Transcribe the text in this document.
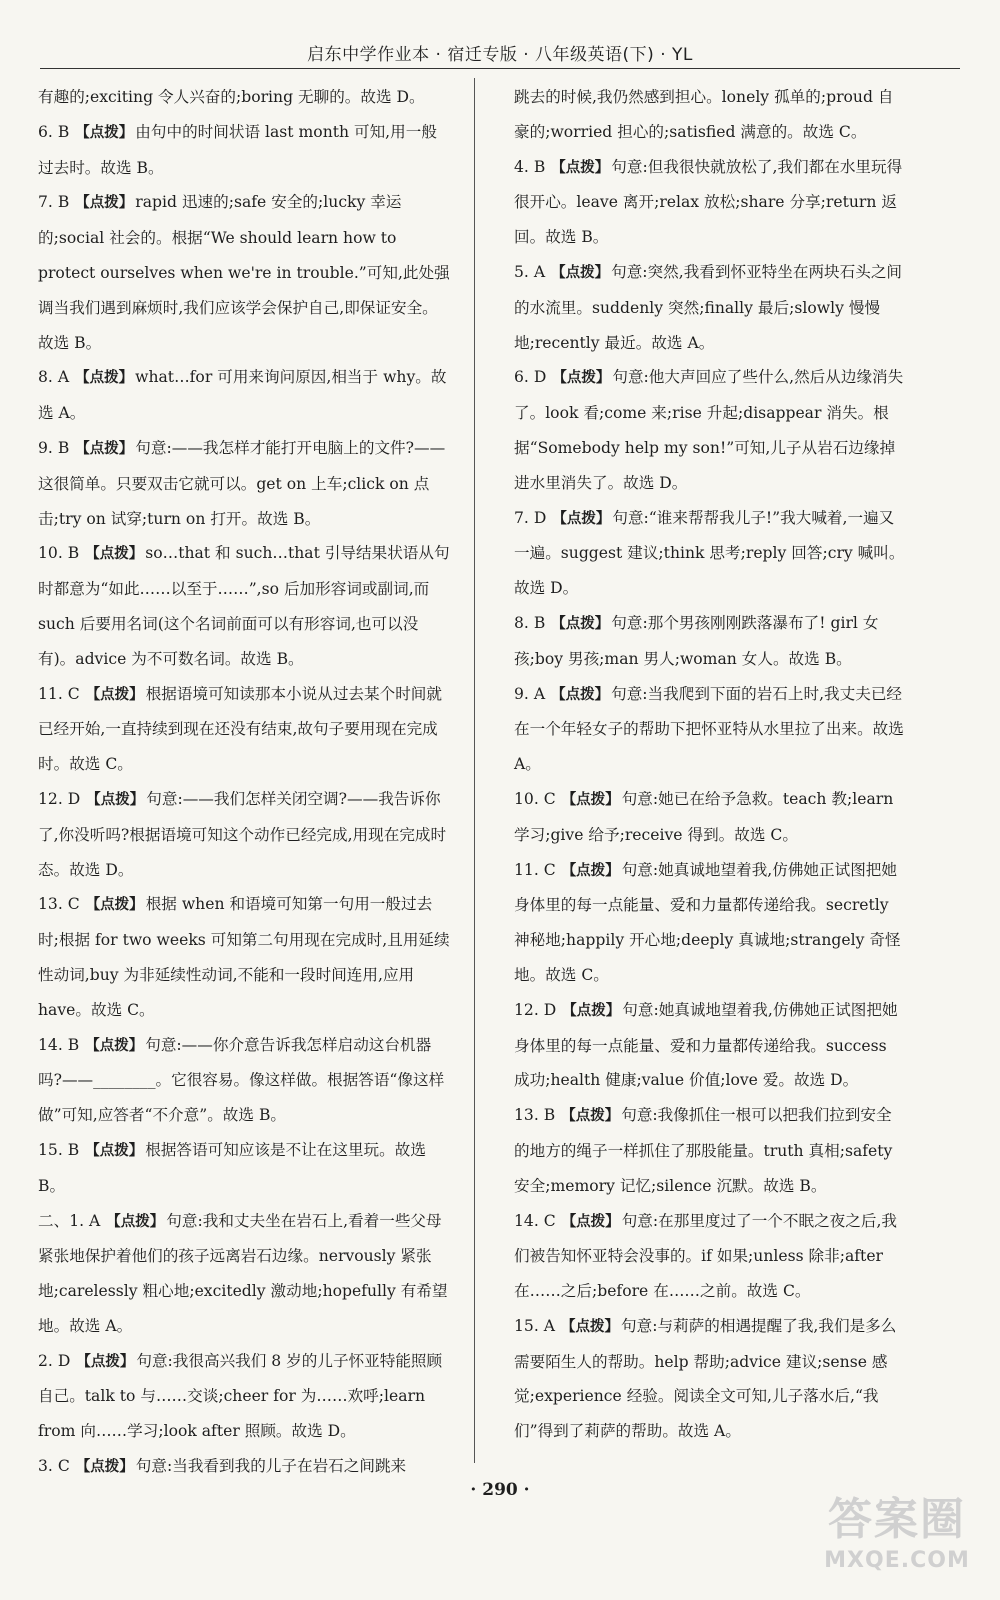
启东中学作业本 · 宿迁专版 · 八年级英语(下) · YL
有趣的;exciting 令人兴奋的;boring 无聊的。故选 D。
6. B 【点拨】 由句中的时间状语 last month 可知,用一般过去时。故选 B。
7. B 【点拨】 rapid 迅速的;safe 安全的;lucky 幸运的;social 社会的。根据“We should learn how to protect ourselves when we're in trouble.”可知,此处强调当我们遇到麻烦时,我们应该学会保护自己,即保证安全。故选 B。
8. A 【点拨】 what…for 可用来询问原因,相当于 why。故选 A。
9. B 【点拨】 句意:——我怎样才能打开电脑上的文件?——这很简单。只要双击它就可以。get on 上车;click on 点击;try on 试穿;turn on 打开。故选 B。
10. B 【点拨】 so…that 和 such…that 引导结果状语从句时都意为“如此……以至于……”,so 后加形容词或副词,而 such 后要用名词(这个名词前面可以有形容词,也可以没有)。advice 为不可数名词。故选 B。
11. C 【点拨】 根据语境可知读那本小说从过去某个时间就已经开始,一直持续到现在还没有结束,故句子要用现在完成时。故选 C。
12. D 【点拨】 句意:——我们怎样关闭空调?——我告诉你了,你没听吗?根据语境可知这个动作已经完成,用现在完成时态。故选 D。
13. C 【点拨】 根据 when 和语境可知第一句用一般过去时;根据 for two weeks 可知第二句用现在完成时,且用延续性动词,buy 为非延续性动词,不能和一段时间连用,应用 have。故选 C。
14. B 【点拨】 句意:——你介意告诉我怎样启动这台机器吗?——________。它很容易。像这样做。根据答语“像这样做”可知,应答者“不介意”。故选 B。
15. B 【点拨】 根据答语可知应该是不让在这里玩。故选 B。
二、1. A 【点拨】 句意:我和丈夫坐在岩石上,看着一些父母紧张地保护着他们的孩子远离岩石边缘。nervously 紧张地;carelessly 粗心地;excitedly 激动地;hopefully 有希望地。故选 A。
2. D 【点拨】 句意:我很高兴我们 8 岁的儿子怀亚特能照顾自己。talk to 与……交谈;cheer for 为……欢呼;learn from 向……学习;look after 照顾。故选 D。
3. C 【点拨】 句意:当我看到我的儿子在岩石之间跳来
跳去的时候,我仍然感到担心。lonely 孤单的;proud 自豪的;worried 担心的;satisfied 满意的。故选 C。
4. B 【点拨】 句意:但我很快就放松了,我们都在水里玩得很开心。leave 离开;relax 放松;share 分享;return 返回。故选 B。
5. A 【点拨】 句意:突然,我看到怀亚特坐在两块石头之间的水流里。suddenly 突然;finally 最后;slowly 慢慢地;recently 最近。故选 A。
6. D 【点拨】 句意:他大声回应了些什么,然后从边缘消失了。look 看;come 来;rise 升起;disappear 消失。根据“Somebody help my son!”可知,儿子从岩石边缘掉进水里消失了。故选 D。
7. D 【点拨】 句意:“谁来帮帮我儿子!”我大喊着,一遍又一遍。suggest 建议;think 思考;reply 回答;cry 喊叫。故选 D。
8. B 【点拨】 句意:那个男孩刚刚跌落瀑布了! girl 女孩;boy 男孩;man 男人;woman 女人。故选 B。
9. A 【点拨】 句意:当我爬到下面的岩石上时,我丈夫已经在一个年轻女子的帮助下把怀亚特从水里拉了出来。故选 A。
10. C 【点拨】 句意:她已在给予急救。teach 教;learn 学习;give 给予;receive 得到。故选 C。
11. C 【点拨】 句意:她真诚地望着我,仿佛她正试图把她身体里的每一点能量、爱和力量都传递给我。secretly 神秘地;happily 开心地;deeply 真诚地;strangely 奇怪地。故选 C。
12. D 【点拨】 句意:她真诚地望着我,仿佛她正试图把她身体里的每一点能量、爱和力量都传递给我。success 成功;health 健康;value 价值;love 爱。故选 D。
13. B 【点拨】 句意:我像抓住一根可以把我们拉到安全的地方的绳子一样抓住了那股能量。truth 真相;safety 安全;memory 记忆;silence 沉默。故选 B。
14. C 【点拨】 句意:在那里度过了一个不眠之夜之后,我们被告知怀亚特会没事的。if 如果;unless 除非;after 在……之后;before 在……之前。故选 C。
15. A 【点拨】 句意:与莉萨的相遇提醒了我,我们是多么需要陌生人的帮助。help 帮助;advice 建议;sense 感觉;experience 经验。阅读全文可知,儿子落水后,“我们”得到了莉萨的帮助。故选 A。
· 290 ·
答案圈
MXQE.COM
